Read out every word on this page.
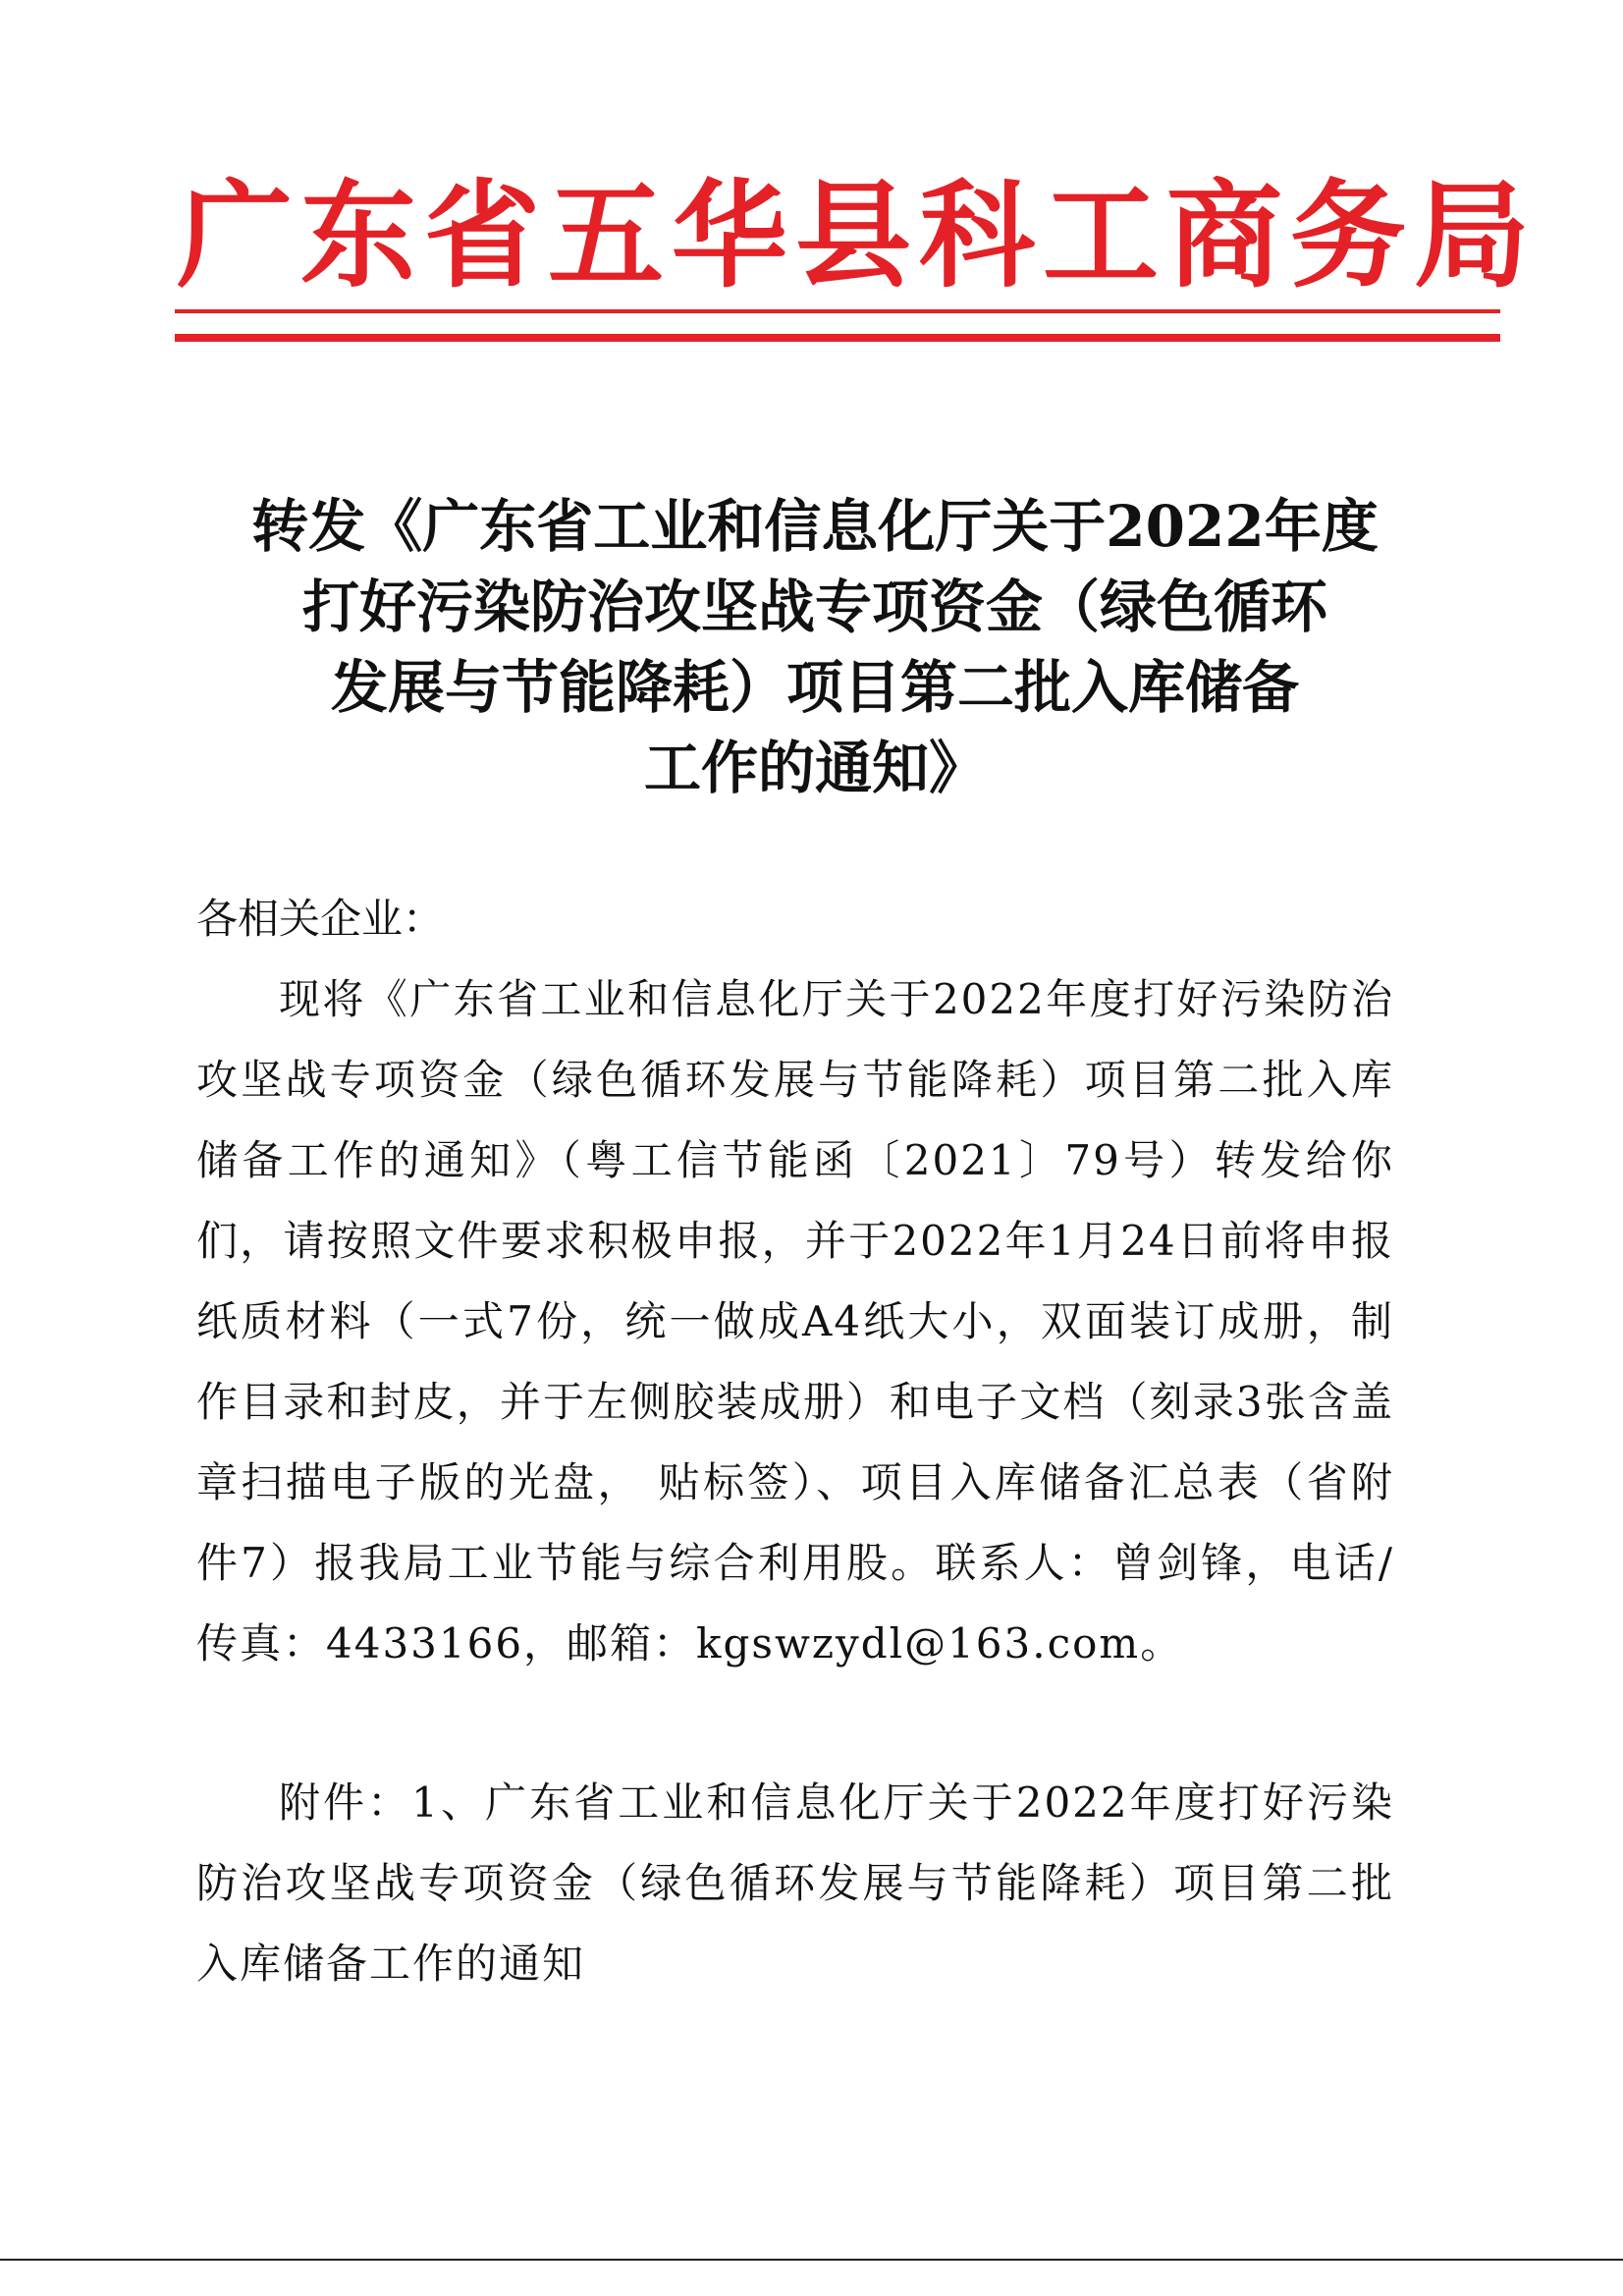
广东省五华县科工商务局
转发《广东省工业和信息化厅关于2022年度
打好污染防治攻坚战专项资金（绿色循环
发展与节能降耗）项目第二批入库储备
工作的通知》
各相关企业：
现将《广东省工业和信息化厅关于2022年度打好污染防治攻坚战专项资金（绿色循环发展与节能降耗）项目第二批入库储备工作的通知》（粤工信节能函〔2021〕79号）转发给你们，请按照文件要求积极申报，并于2022年1月24日前将申报纸质材料（一式7份，统一做成A4纸大小，双面装订成册，制作目录和封皮，并于左侧胶装成册）和电子文档（刻录3张含盖章扫描电子版的光盘， 贴标签）、项目入库储备汇总表（省附件7）报我局工业节能与综合利用股。联系人：曾剑锋，电话/传真：4433166，邮箱：kgswzydl@163.com。
附件：1、广东省工业和信息化厅关于2022年度打好污染防治攻坚战专项资金（绿色循环发展与节能降耗）项目第二批入库储备工作的通知
